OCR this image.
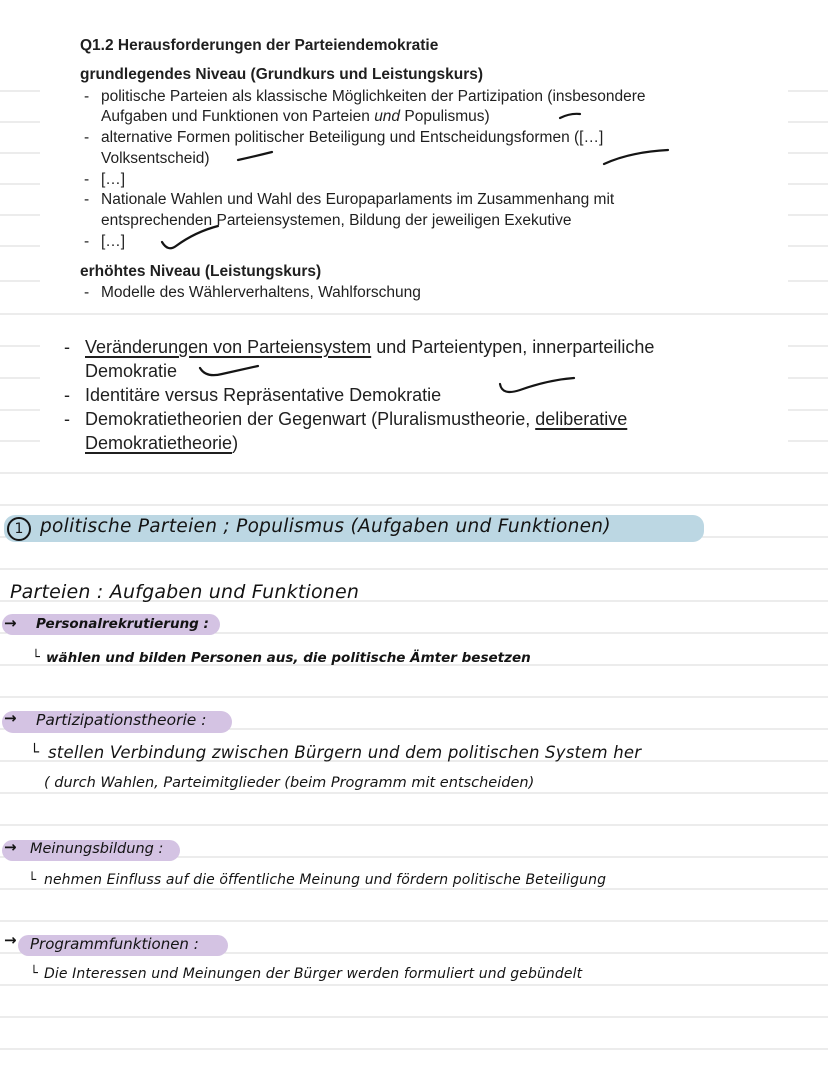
Q1.2 Herausforderungen der Parteiendemokratie
grundlegendes Niveau (Grundkurs und Leistungskurs)
- politische Parteien als klassische Möglichkeiten der Partizipation (insbesondere
Aufgaben und Funktionen von Parteien und Populismus)
- alternative Formen politischer Beteiligung und Entscheidungsformen ([…]
Volksentscheid)
- […]
- Nationale Wahlen und Wahl des Europaparlaments im Zusammenhang mit
entsprechenden Parteiensystemen, Bildung der jeweiligen Exekutive
- […]
erhöhtes Niveau (Leistungskurs)
- Modelle des Wählerverhaltens, Wahlforschung
- Veränderungen von Parteiensystem und Parteientypen, innerparteiliche
Demokratie
- Identitäre versus Repräsentative Demokratie
- Demokratietheorien der Gegenwart (Pluralismustheorie, deliberative
Demokratietheorie)
1 politische Parteien ; Populismus (Aufgaben und Funktionen)
Parteien : Aufgaben und Funktionen
→ Personalrekrutierung :
└ wählen und bilden Personen aus, die politische Ämter besetzen
→ Partizipationstheorie :
└ stellen Verbindung zwischen Bürgern und dem politischen System her
( durch Wahlen, Parteimitglieder (beim Programm mit entscheiden)
→ Meinungsbildung :
└ nehmen Einfluss auf die öffentliche Meinung und fördern politische Beteiligung
→ Programmfunktionen :
└ Die Interessen und Meinungen der Bürger werden formuliert und gebündelt
